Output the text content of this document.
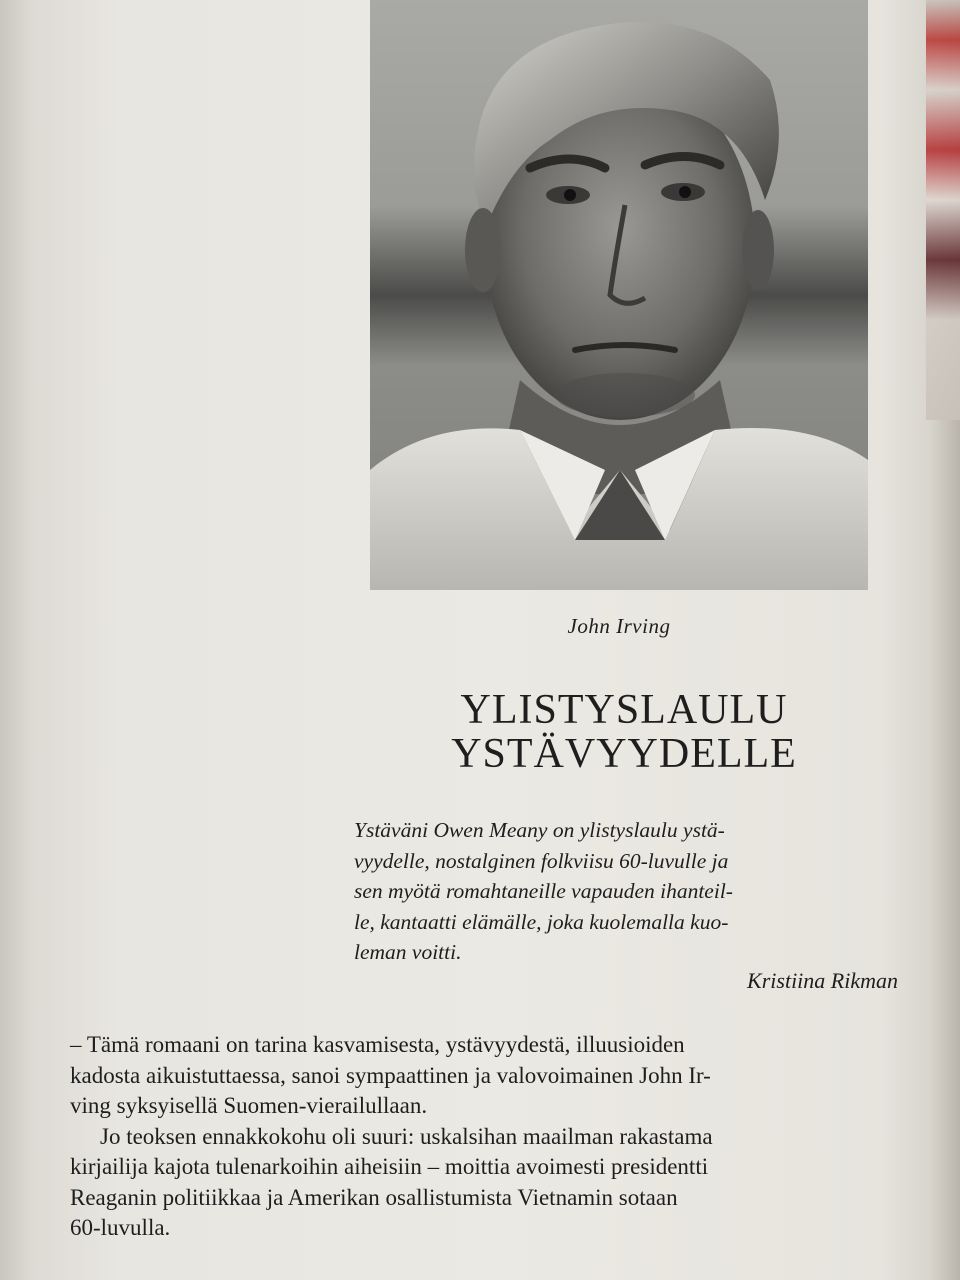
John Irving
YLISTYSLAULU
YSTÄVYYDELLE
Ystäväni Owen Meany on ylistyslaulu ystä-
vyydelle, nostalginen folkviisu 60-luvulle ja
sen myötä romahtaneille vapauden ihanteil-
le, kantaatti elämälle, joka kuolemalla kuo-
leman voitti.
Kristiina Rikman
– Tämä romaani on tarina kasvamisesta, ystävyydestä, illuusioiden
kadosta aikuistuttaessa, sanoi sympaattinen ja valovoimainen John Ir-
ving syksyisellä Suomen-vierailullaan.
Jo teoksen ennakkokohu oli suuri: uskalsihan maailman rakastama
kirjailija kajota tulenarkoihin aiheisiin – moittia avoimesti presidentti
Reaganin politiikkaa ja Amerikan osallistumista Vietnamin sotaan
60-luvulla.
